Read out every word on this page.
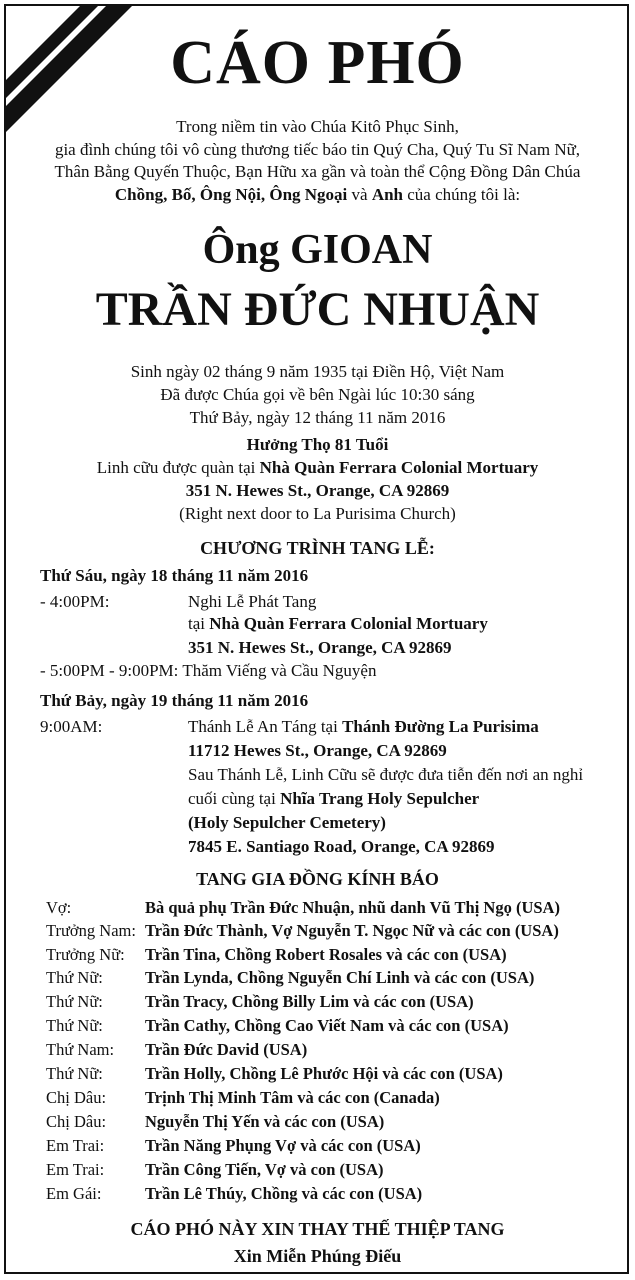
CÁO PHÓ
Trong niềm tin vào Chúa Kitô Phục Sinh,
gia đình chúng tôi vô cùng thương tiếc báo tin Quý Cha, Quý Tu Sĩ Nam Nữ,
Thân Bằng Quyến Thuộc, Bạn Hữu xa gần và toàn thể Cộng Đồng Dân Chúa
Chồng, Bố, Ông Nội, Ông Ngoại và Anh của chúng tôi là:
Ông GIOAN
TRẦN ĐỨC NHUẬN
Sinh ngày 02 tháng 9 năm 1935 tại Điền Hộ, Việt Nam
Đã được Chúa gọi về bên Ngài lúc 10:30 sáng
Thứ Bảy, ngày 12 tháng 11 năm 2016
Hưởng Thọ 81 Tuổi
Linh cữu được quàn tại Nhà Quàn Ferrara Colonial Mortuary
351 N. Hewes St., Orange, CA 92869
(Right next door to La Purisima Church)
CHƯƠNG TRÌNH TANG LỄ:
Thứ Sáu, ngày 18 tháng 11 năm 2016
- 4:00PM:	Nghi Lễ Phát Tang
tại Nhà Quàn Ferrara Colonial Mortuary
351 N. Hewes St., Orange, CA 92869
- 5:00PM - 9:00PM: Thăm Viếng và Cầu Nguyện
Thứ Bảy, ngày 19 tháng 11 năm 2016
9:00AM:	Thánh Lễ An Táng tại Thánh Đường La Purisima
11712 Hewes St., Orange, CA 92869
Sau Thánh Lễ, Linh Cữu sẽ được đưa tiễn đến nơi an nghỉ
cuối cùng tại Nhĩa Trang Holy Sepulcher
(Holy Sepulcher Cemetery)
7845 E. Santiago Road, Orange, CA 92869
TANG GIA ĐỒNG KÍNH BÁO
Vợ:	Bà quả phụ Trần Đức Nhuận, nhũ danh Vũ Thị Ngọ (USA)
Trưởng Nam: Trần Đức Thành, Vợ Nguyễn T. Ngọc Nữ và các con (USA)
Trưởng Nữ: Trần Tina, Chồng Robert Rosales và các con (USA)
Thứ Nữ:	Trần Lynda, Chồng Nguyễn Chí Linh và các con (USA)
Thứ Nữ:	Trần Tracy, Chồng Billy Lim và các con (USA)
Thứ Nữ:	Trần Cathy, Chồng Cao Viết Nam và các con (USA)
Thứ Nam: Trần Đức David (USA)
Thứ Nữ:	Trần Holly, Chồng Lê Phước Hội và các con (USA)
Chị Dâu: Trịnh Thị Minh Tâm và các con (Canada)
Chị Dâu: Nguyễn Thị Yến và các con (USA)
Em Trai: Trần Năng Phụng Vợ và các con (USA)
Em Trai: Trần Công Tiến, Vợ và con (USA)
Em Gái:	Trần Lê Thúy, Chồng và các con (USA)
CÁO PHÓ NÀY XIN THAY THẾ THIỆP TANG
Xin Miễn Phúng Điếu
